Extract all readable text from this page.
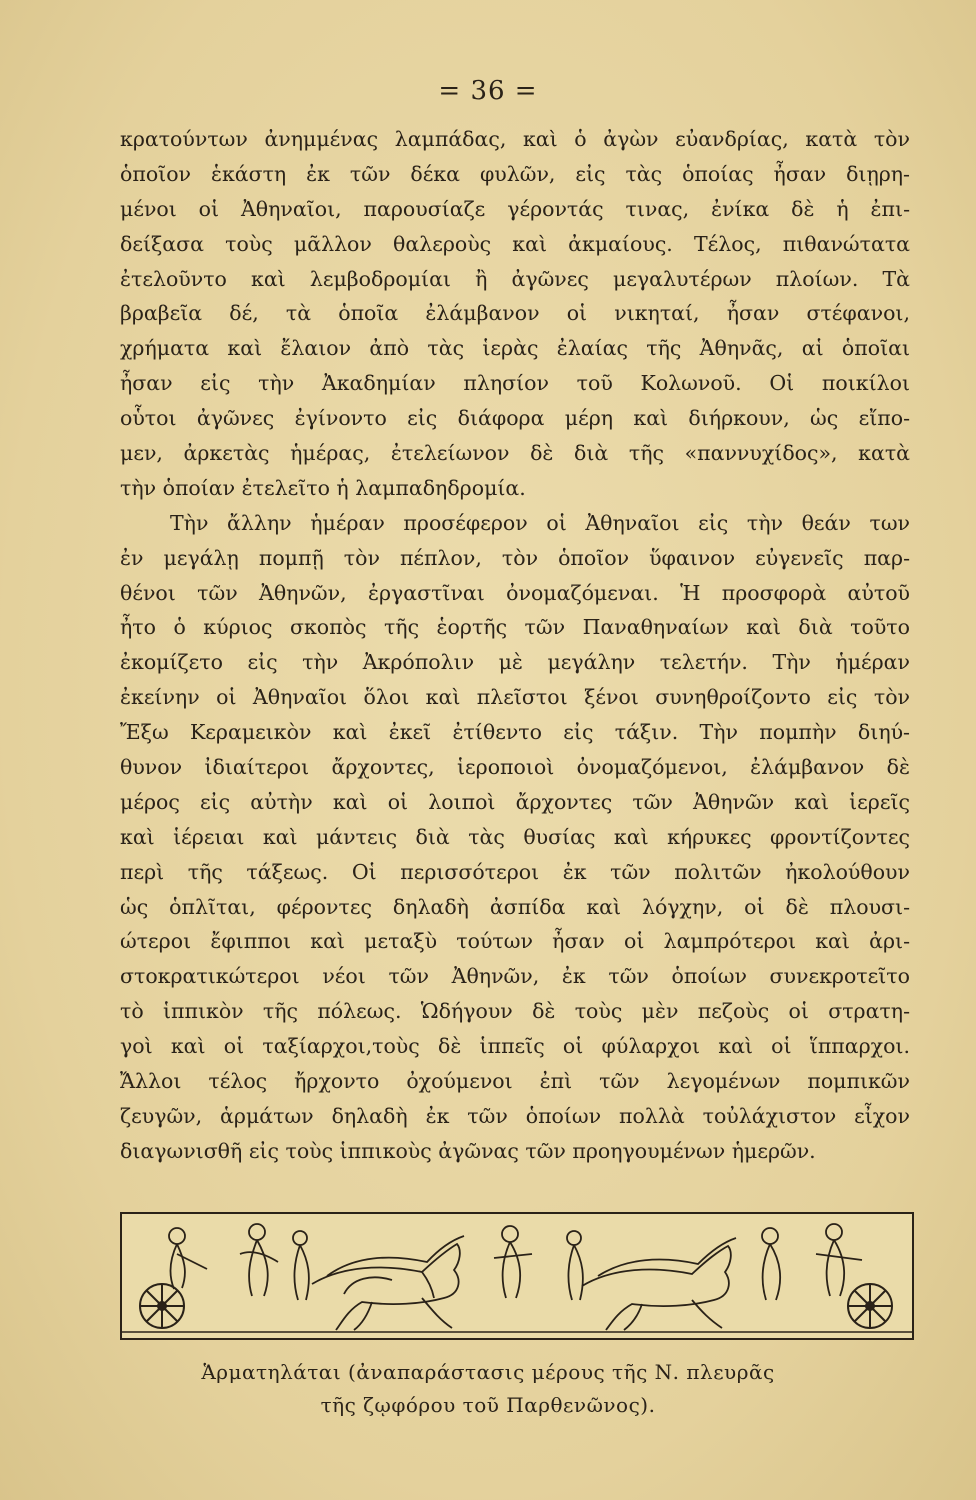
= 36 =
κρατούντων ἀνημμένας λαμπάδας, καὶ ὁ ἀγὼν εὐανδρίας, κατὰ τὸν
ὁποῖον ἑκάστη ἐκ τῶν δέκα φυλῶν, εἰς τὰς ὁποίας ἦσαν διῃρη-
μένοι οἱ Ἀθηναῖοι, παρουσίαζε γέροντάς τινας, ἐνίκα δὲ ἡ ἐπι-
δείξασα τοὺς μᾶλλον θαλεροὺς καὶ ἀκμαίους. Τέλος, πιθανώτατα
ἐτελοῦντο καὶ λεμβοδρομίαι ἢ ἀγῶνες μεγαλυτέρων πλοίων. Τὰ
βραβεῖα δέ, τὰ ὁποῖα ἐλάμβανον οἱ νικηταί, ἦσαν στέφανοι,
χρήματα καὶ ἔλαιον ἀπὸ τὰς ἱερὰς ἐλαίας τῆς Ἀθηνᾶς, αἱ ὁποῖαι
ἦσαν εἰς τὴν Ἀκαδημίαν πλησίον τοῦ Κολωνοῦ. Οἱ ποικίλοι
οὗτοι ἀγῶνες ἐγίνοντο εἰς διάφορα μέρη καὶ διήρκουν, ὡς εἴπο-
μεν, ἀρκετὰς ἡμέρας, ἐτελείωνον δὲ διὰ τῆς «παννυχίδος», κατὰ
τὴν ὁποίαν ἐτελεῖτο ἡ λαμπαδηδρομία.
Τὴν ἄλλην ἡμέραν προσέφερον οἱ Ἀθηναῖοι εἰς τὴν θεάν των
ἐν μεγάλῃ πομπῇ τὸν πέπλον, τὸν ὁποῖον ὕφαινον εὐγενεῖς παρ-
θένοι τῶν Ἀθηνῶν, ἐργαστῖναι ὀνομαζόμεναι. Ἡ προσφορὰ αὐτοῦ
ἦτο ὁ κύριος σκοπὸς τῆς ἑορτῆς τῶν Παναθηναίων καὶ διὰ τοῦτο
ἐκομίζετο εἰς τὴν Ἀκρόπολιν μὲ μεγάλην τελετήν. Τὴν ἡμέραν
ἐκείνην οἱ Ἀθηναῖοι ὅλοι καὶ πλεῖστοι ξένοι συνηθροίζοντο εἰς τὸν
Ἔξω Κεραμεικὸν καὶ ἐκεῖ ἐτίθεντο εἰς τάξιν. Τὴν πομπὴν διηύ-
θυνον ἰδιαίτεροι ἄρχοντες, ἱεροποιοὶ ὀνομαζόμενοι, ἐλάμβανον δὲ
μέρος εἰς αὐτὴν καὶ οἱ λοιποὶ ἄρχοντες τῶν Ἀθηνῶν καὶ ἱερεῖς
καὶ ἱέρειαι καὶ μάντεις διὰ τὰς θυσίας καὶ κήρυκες φροντίζοντες
περὶ τῆς τάξεως. Οἱ περισσότεροι ἐκ τῶν πολιτῶν ἠκολούθουν
ὡς ὁπλῖται, φέροντες δηλαδὴ ἀσπίδα καὶ λόγχην, οἱ δὲ πλουσι-
ώτεροι ἔφιπποι καὶ μεταξὺ τούτων ἦσαν οἱ λαμπρότεροι καὶ ἀρι-
στοκρατικώτεροι νέοι τῶν Ἀθηνῶν, ἐκ τῶν ὁποίων συνεκροτεῖτο
τὸ ἱππικὸν τῆς πόλεως. Ὡδήγουν δὲ τοὺς μὲν πεζοὺς οἱ στρατη-
γοὶ καὶ οἱ ταξίαρχοι,τοὺς δὲ ἱππεῖς οἱ φύλαρχοι καὶ οἱ ἵππαρχοι.
Ἄλλοι τέλος ἤρχοντο ὀχούμενοι ἐπὶ τῶν λεγομένων πομπικῶν
ζευγῶν, ἁρμάτων δηλαδὴ ἐκ τῶν ὁποίων πολλὰ τοὐλάχιστον εἶχον
διαγωνισθῆ εἰς τοὺς ἱππικοὺς ἀγῶνας τῶν προηγουμένων ἡμερῶν.
Ἁρματηλάται (ἀναπαράστασις μέρους τῆς Ν. πλευρᾶς
τῆς ζῳφόρου τοῦ Παρθενῶνος).
